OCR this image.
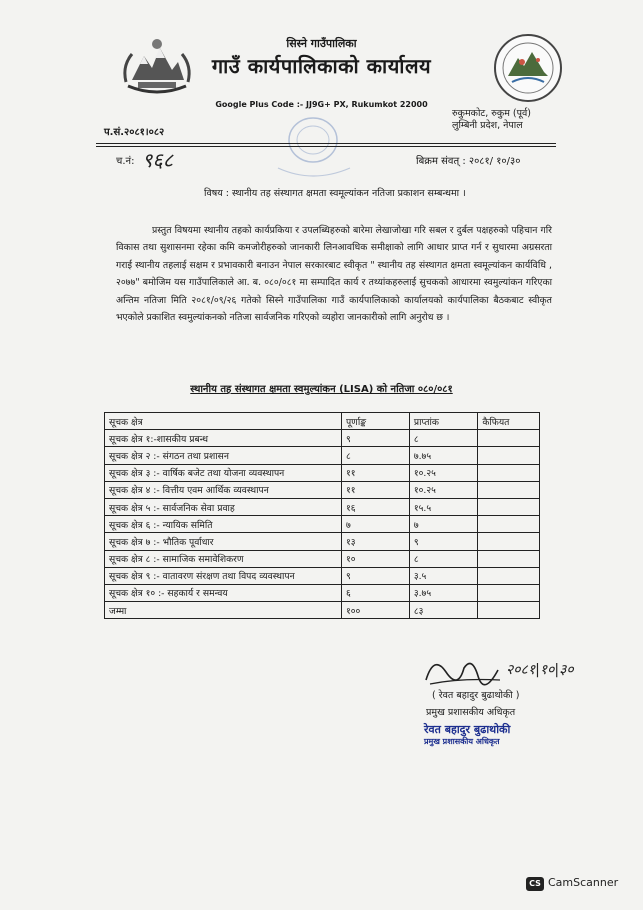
सिस्ने गाउँपालिका
गाउँ कार्यपालिकाको कार्यालय
Google Plus Code :- JJ9G+ PX, Rukumkot 22000
रुकुमकोट, रुकुम (पूर्व)
लुम्बिनी प्रदेश, नेपाल
प.सं.२०८१।०८२
च.नं: ९६८	बिक्रम संवत् : २०८१/ १०/३०
विषय : स्थानीय तह संस्थागत क्षमता स्वमूल्यांकन नतिजा प्रकाशन सम्बन्धमा ।
प्रस्तुत विषयमा स्थानीय तहको कार्यप्रकिया र उपलब्धिहरुको बारेमा लेखाजोखा गरि सबल र दुर्बल पक्षहरुको पहिचान गरि विकास तथा सुशासनमा रहेका कमि कमजोरीहरुको जानकारी लिनआवधिक समीक्षाको लागि आधार प्राप्त गर्न र सुधारमा अग्रसरता गराई स्थानीय तहलाई सक्षम र प्रभावकारी बनाउन नेपाल सरकारबाट स्वीकृत " स्थानीय तह संस्थागत क्षमता स्वमूल्यांकन कार्यविधि , २०७७" बमोजिम यस गाउँपालिकाले आ. ब. ०८०/०८१ मा सम्पादित कार्य र तथ्यांकहरुलाई सुचकको आधारमा स्वमुल्यांकन गरिएका अन्तिम नतिजा मिति २०८१/०९/२६ गतेको सिस्ने गाउँपालिका गाउँ कार्यपालिकाको कार्यालयको कार्यपालिका बैठकबाट स्वीकृत भएकोले प्रकाशित स्वमुल्यांकनको नतिजा सार्वजनिक गरिएको व्यहोरा जानकारीको लागि अनुरोध छ ।
स्थानीय तह संस्थागत क्षमता स्वमुल्यांकन (LISA) को नतिजा ०८०/०८१
सूचक क्षेत्र	पूर्णाङ्क	प्राप्तांक	कैफियत
सूचक क्षेत्र १:-शासकीय प्रबन्ध	९	८	
सूचक क्षेत्र २ :- संगठन तथा प्रशासन	८	७.७५	
सूचक क्षेत्र ३ :- वार्षिक बजेट तथा योजना व्यवस्थापन	११	१०.२५	
सूचक क्षेत्र ४ :- वित्तीय एवम आर्थिक व्यवस्थापन	११	१०.२५	
सूचक क्षेत्र ५ :- सार्वजनिक सेवा प्रवाह	१६	१५.५	
सूचक क्षेत्र ६ :- न्यायिक समिति	७	७	
सूचक क्षेत्र ७ :- भौतिक पूर्वाधार	१३	९	
सूचक क्षेत्र ८ :- सामाजिक समावेशिकरण	१०	८	
सूचक क्षेत्र ९ :- वातावरण संरक्षण तथा विपद व्यवस्थापन	९	३.५	
सूचक क्षेत्र १० :- सहकार्य र समन्वय	६	३.७५	
जम्मा	१००	८३	
२०८१|१०|३०
( रेवत बहादुर बुढाथोकी )
प्रमुख प्रशासकीय अधिकृत
रेवत बहादुर बुढाथोकी
प्रमुख प्रशासकीय अधिकृत
CS CamScanner
